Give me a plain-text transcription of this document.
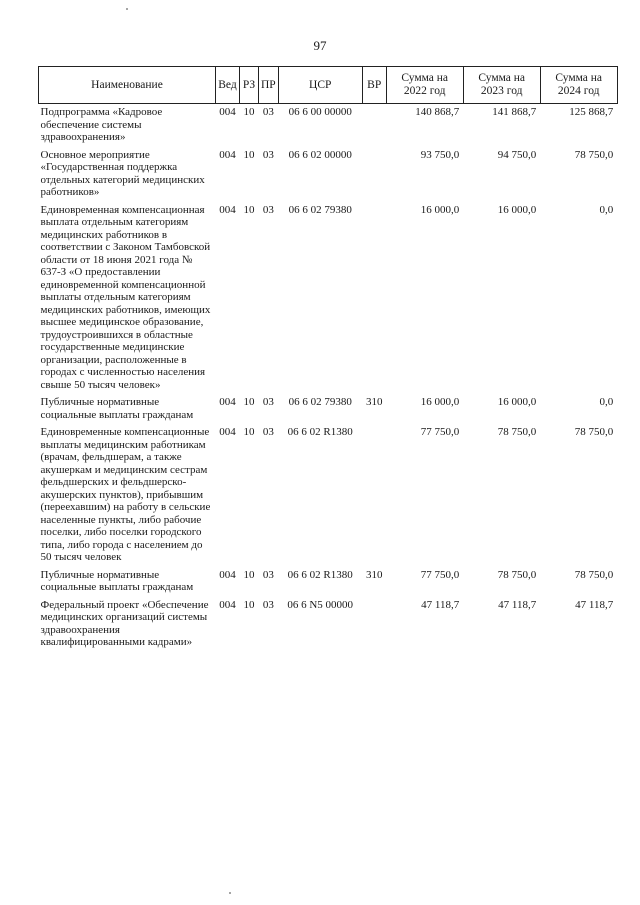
97
Наименование	Вед	РЗ	ПР	ЦСР	ВР	Сумма на 2022 год	Сумма на 2023 год	Сумма на 2024 год
Подпрограмма «Кадровое обеспечение системы здравоохранения»	004	10	03	06 6 00 00000		140 868,7	141 868,7	125 868,7
Основное мероприятие «Государственная поддержка отдельных категорий медицинских работников»	004	10	03	06 6 02 00000		93 750,0	94 750,0	78 750,0
Единовременная компенсационная выплата отдельным категориям медицинских работников в соответствии с Законом Тамбовской области от 18 июня 2021 года № 637-З «О предоставлении единовременной компенсационной выплаты отдельным категориям медицинских работников, имеющих высшее медицинское образование, трудоустроившихся в областные государственные медицинские организации, расположенные в городах с численностью населения свыше 50 тысяч человек»	004	10	03	06 6 02 79380		16 000,0	16 000,0	0,0
Публичные нормативные социальные выплаты гражданам	004	10	03	06 6 02 79380	310	16 000,0	16 000,0	0,0
Единовременные компенсационные выплаты медицинским работникам (врачам, фельдшерам, а также акушеркам и медицинским сестрам фельдшерских и фельдшерско-акушерских пунктов), прибывшим (переехавшим) на работу в сельские населенные пункты, либо рабочие поселки, либо поселки городского типа, либо города с населением до 50 тысяч человек	004	10	03	06 6 02 R1380		77 750,0	78 750,0	78 750,0
Публичные нормативные социальные выплаты гражданам	004	10	03	06 6 02 R1380	310	77 750,0	78 750,0	78 750,0
Федеральный проект «Обеспечение медицинских организаций системы здравоохранения квалифицированными кадрами»	004	10	03	06 6 N5 00000		47 118,7	47 118,7	47 118,7
